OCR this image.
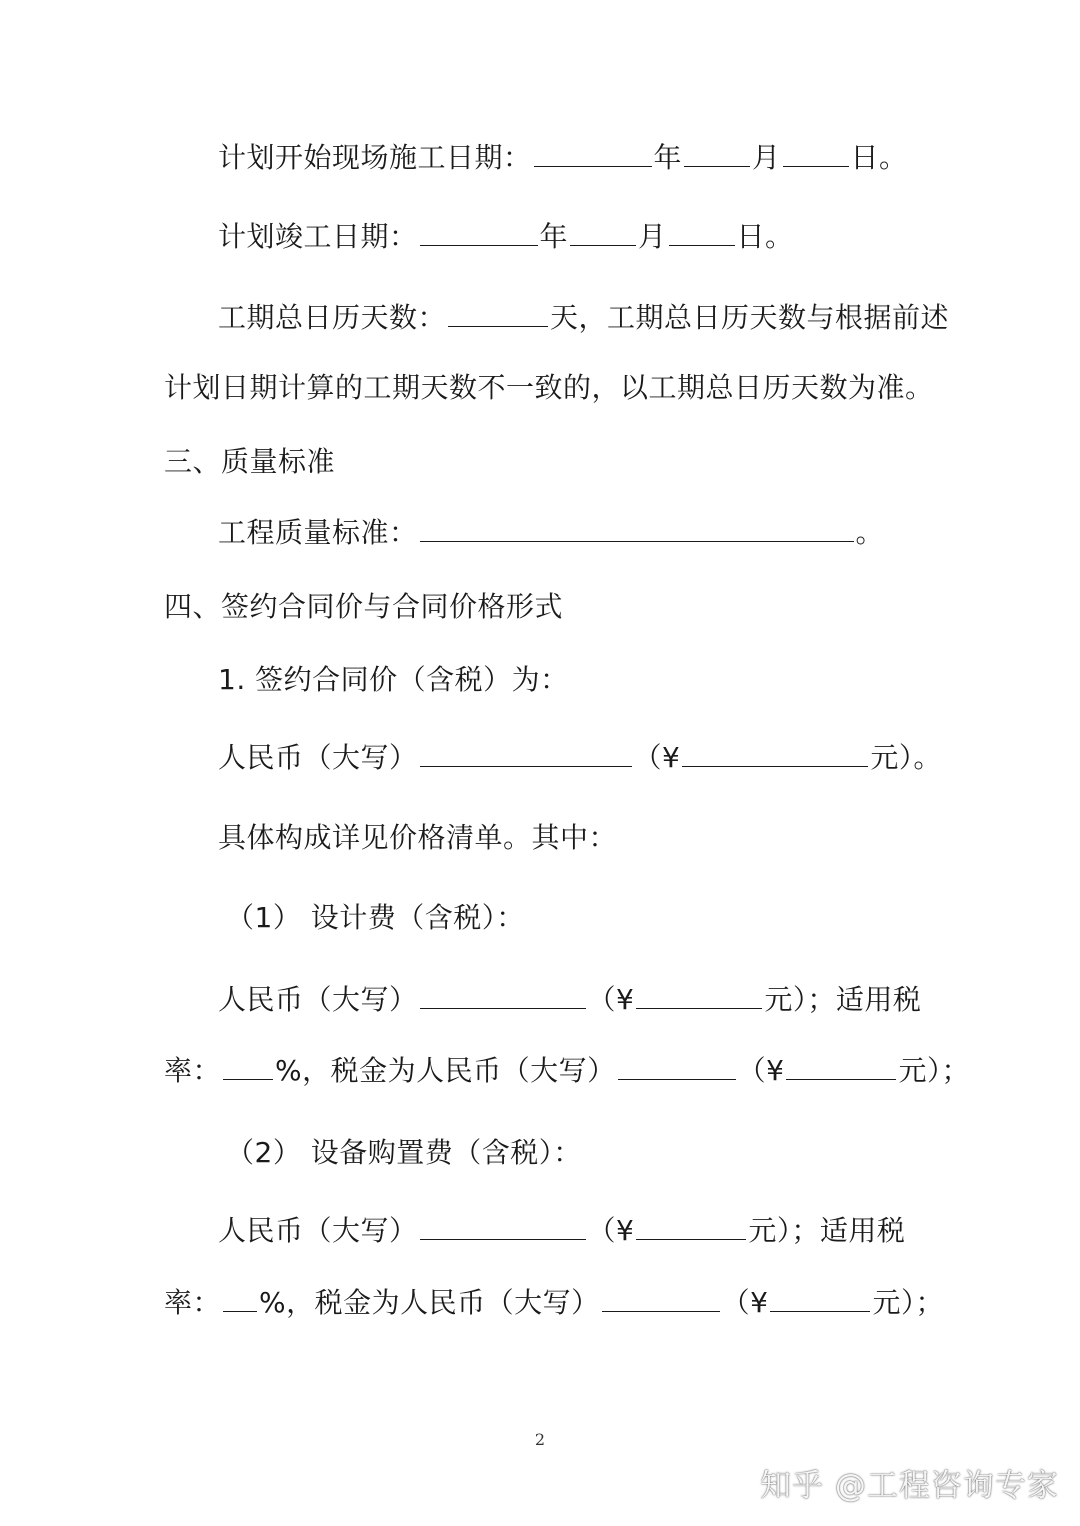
计划开始现场施工日期：	年	月	日。
计划竣工日期：	年	月	日。
工期总日历天数：	天，工期总日历天数与根据前述
计划日期计算的工期天数不一致的，以工期总日历天数为准。
三、质量标准
工程质量标准：	。
四、签约合同价与合同价格形式
1. 签约合同价（含税）为：
人民币（大写）	（¥	元）。
具体构成详见价格清单。其中：
（1） 设计费（含税）：
人民币（大写）	（¥	元）；适用税
率： %，税金为人民币（大写）	（¥	元）；
（2） 设备购置费（含税）：
人民币（大写）	（¥	元）；适用税
率： %，税金为人民币（大写）	（¥	元）；
2
知乎 @工程咨询专家
